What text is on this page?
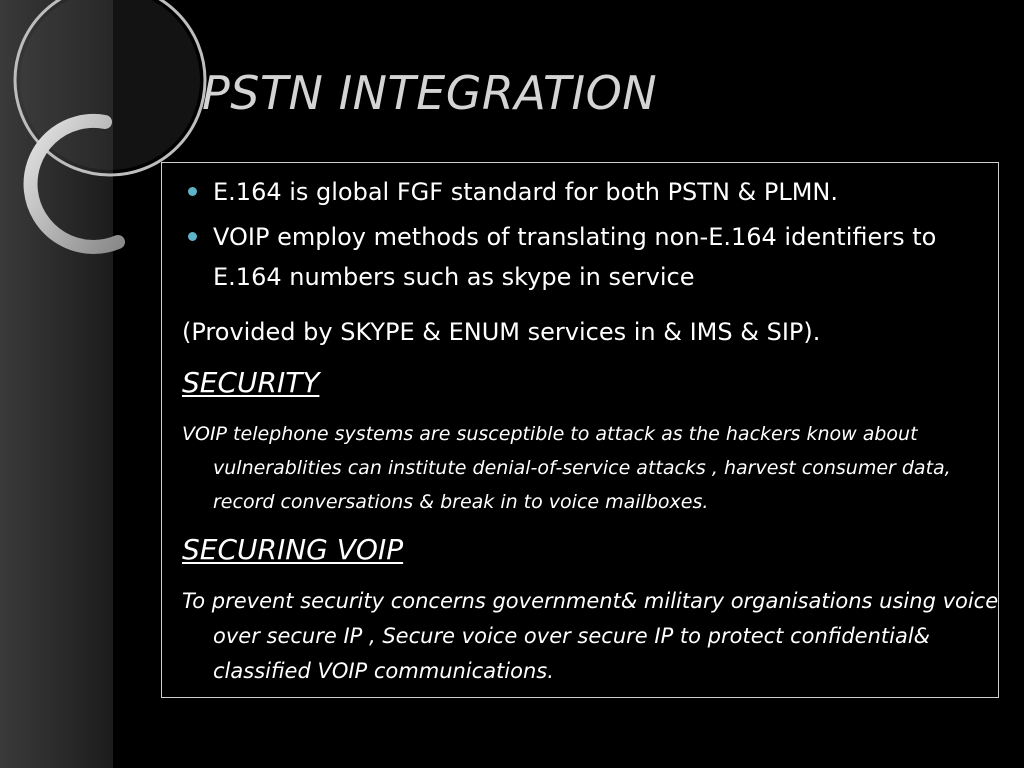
PSTN INTEGRATION
E.164 is global FGF standard for both PSTN & PLMN.
VOIP employ methods of translating non-E.164 identifiers to E.164 numbers such as skype in service

(Provided by SKYPE & ENUM services in & IMS & SIP).

SECURITY

VOIP telephone systems are susceptible to attack as the hackers know about vulnerablities can institute denial-of-service attacks , harvest consumer data, record conversations & break in to voice mailboxes.

SECURING VOIP

To prevent security concerns government& military organisations using voice over secure IP , Secure voice over secure IP to protect confidential& classified VOIP communications.
